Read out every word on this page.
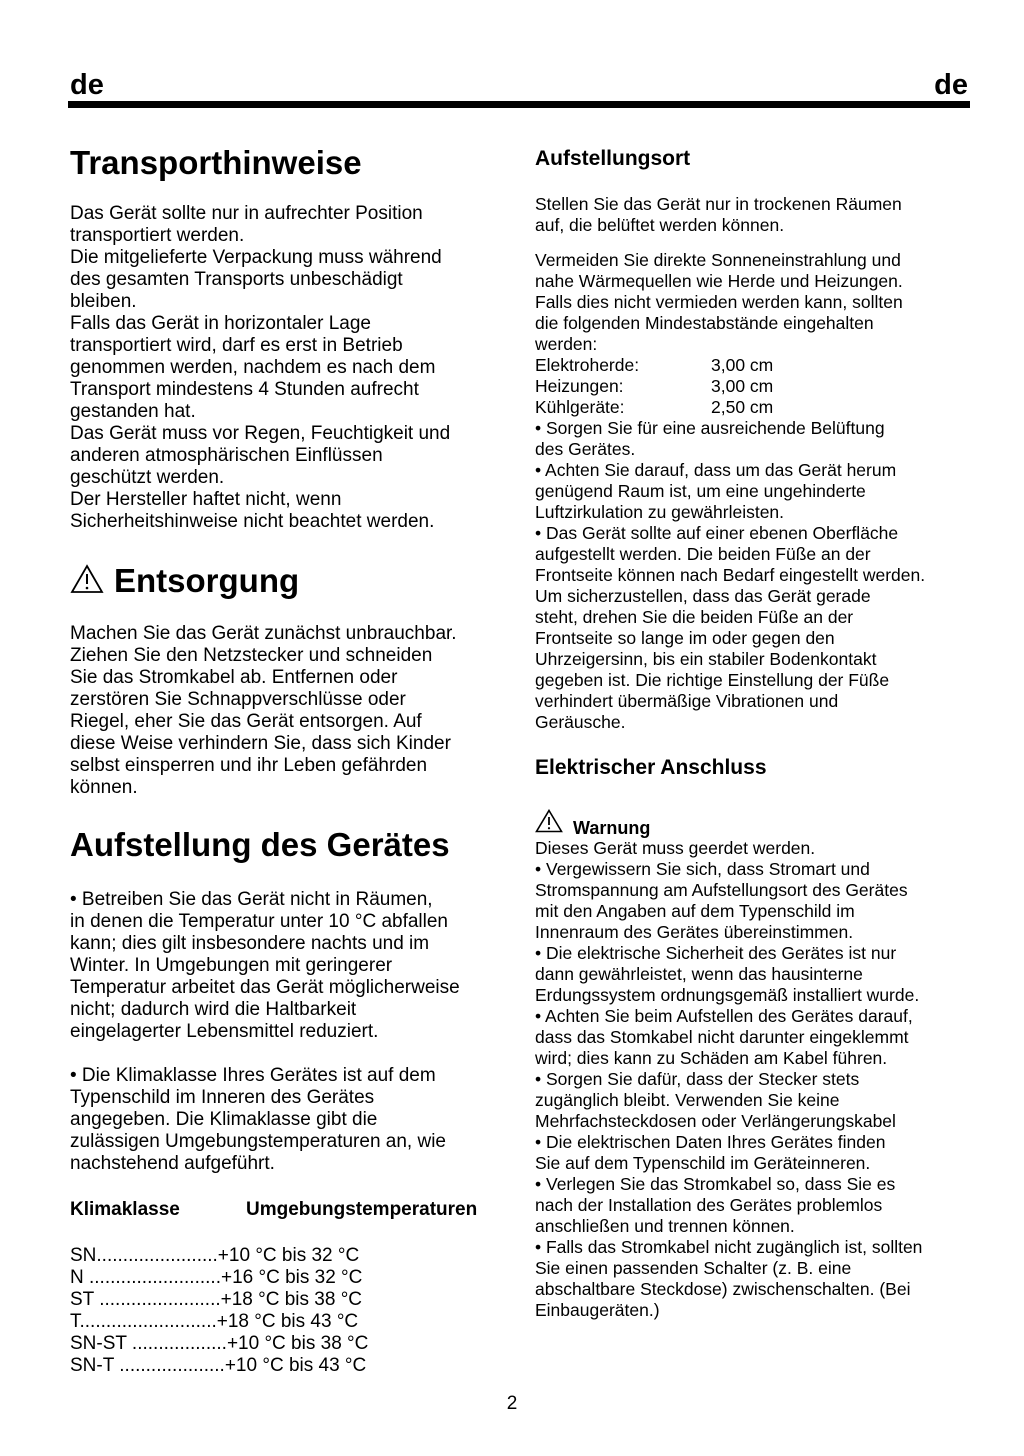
de	de
Transporthinweise

Das Gerät sollte nur in aufrechter Position
transportiert werden.
Die mitgelieferte Verpackung muss während
des gesamten Transports unbeschädigt
bleiben.
Falls das Gerät in horizontaler Lage
transportiert wird, darf es erst in Betrieb
genommen werden, nachdem es nach dem
Transport mindestens 4 Stunden aufrecht
gestanden hat.
Das Gerät muss vor Regen, Feuchtigkeit und
anderen atmosphärischen Einflüssen
geschützt werden.
Der Hersteller haftet nicht, wenn
Sicherheitshinweise nicht beachtet werden.

Entsorgung

Machen Sie das Gerät zunächst unbrauchbar.
Ziehen Sie den Netzstecker und schneiden
Sie das Stromkabel ab. Entfernen oder
zerstören Sie Schnappverschlüsse oder
Riegel, eher Sie das Gerät entsorgen. Auf
diese Weise verhindern Sie, dass sich Kinder
selbst einsperren und ihr Leben gefährden
können.

Aufstellung des Gerätes

• Betreiben Sie das Gerät nicht in Räumen,
in denen die Temperatur unter 10 °C abfallen
kann; dies gilt insbesondere nachts und im
Winter. In Umgebungen mit geringerer
Temperatur arbeitet das Gerät möglicherweise
nicht; dadurch wird die Haltbarkeit
eingelagerter Lebensmittel reduziert.

• Die Klimaklasse Ihres Gerätes ist auf dem
Typenschild im Inneren des Gerätes
angegeben. Die Klimaklasse gibt die
zulässigen Umgebungstemperaturen an, wie
nachstehend aufgeführt.

Klimaklasse	Umgebungstemperaturen
SN.......................+10 °C bis 32 °C
N .........................+16 °C bis 32 °C
ST .......................+18 °C bis 38 °C
T..........................+18 °C bis 43 °C
SN-ST ..................+10 °C bis 38 °C
SN-T ....................+10 °C bis 43 °C
Aufstellungsort

Stellen Sie das Gerät nur in trockenen Räumen
auf, die belüftet werden können.

Vermeiden Sie direkte Sonneneinstrahlung und
nahe Wärmequellen wie Herde und Heizungen.
Falls dies nicht vermieden werden kann, sollten
die folgenden Mindestabstände eingehalten
werden:

Elektroherde:	3,00 cm
Heizungen:	3,00 cm
Kühlgeräte:	2,50 cm

• Sorgen Sie für eine ausreichende Belüftung
des Gerätes.
• Achten Sie darauf, dass um das Gerät herum
genügend Raum ist, um eine ungehinderte
Luftzirkulation zu gewährleisten.
• Das Gerät sollte auf einer ebenen Oberfläche
aufgestellt werden. Die beiden Füße an der
Frontseite können nach Bedarf eingestellt werden.
Um sicherzustellen, dass das Gerät gerade
steht, drehen Sie die beiden Füße an der
Frontseite so lange im oder gegen den
Uhrzeigersinn, bis ein stabiler Bodenkontakt
gegeben ist. Die richtige Einstellung der Füße
verhindert übermäßige Vibrationen und
Geräusche.

Elektrischer Anschluss
Warnung

Dieses Gerät muss geerdet werden.
• Vergewissern Sie sich, dass Stromart und
Stromspannung am Aufstellungsort des Gerätes
mit den Angaben auf dem Typenschild im
Innenraum des Gerätes übereinstimmen.
• Die elektrische Sicherheit des Gerätes ist nur
dann gewährleistet, wenn das hausinterne
Erdungssystem ordnungsgemäß installiert wurde.
• Achten Sie beim Aufstellen des Gerätes darauf,
dass das Stomkabel nicht darunter eingeklemmt
wird; dies kann zu Schäden am Kabel führen.
• Sorgen Sie dafür, dass der Stecker stets
zugänglich bleibt. Verwenden Sie keine
Mehrfachsteckdosen oder Verlängerungskabel
• Die elektrischen Daten Ihres Gerätes finden
Sie auf dem Typenschild im Geräteinneren.
• Verlegen Sie das Stromkabel so, dass Sie es
nach der Installation des Gerätes problemlos
anschließen und trennen können.
• Falls das Stromkabel nicht zugänglich ist, sollten
Sie einen passenden Schalter (z. B. eine
abschaltbare Steckdose) zwischenschalten. (Bei
Einbaugeräten.)

2
